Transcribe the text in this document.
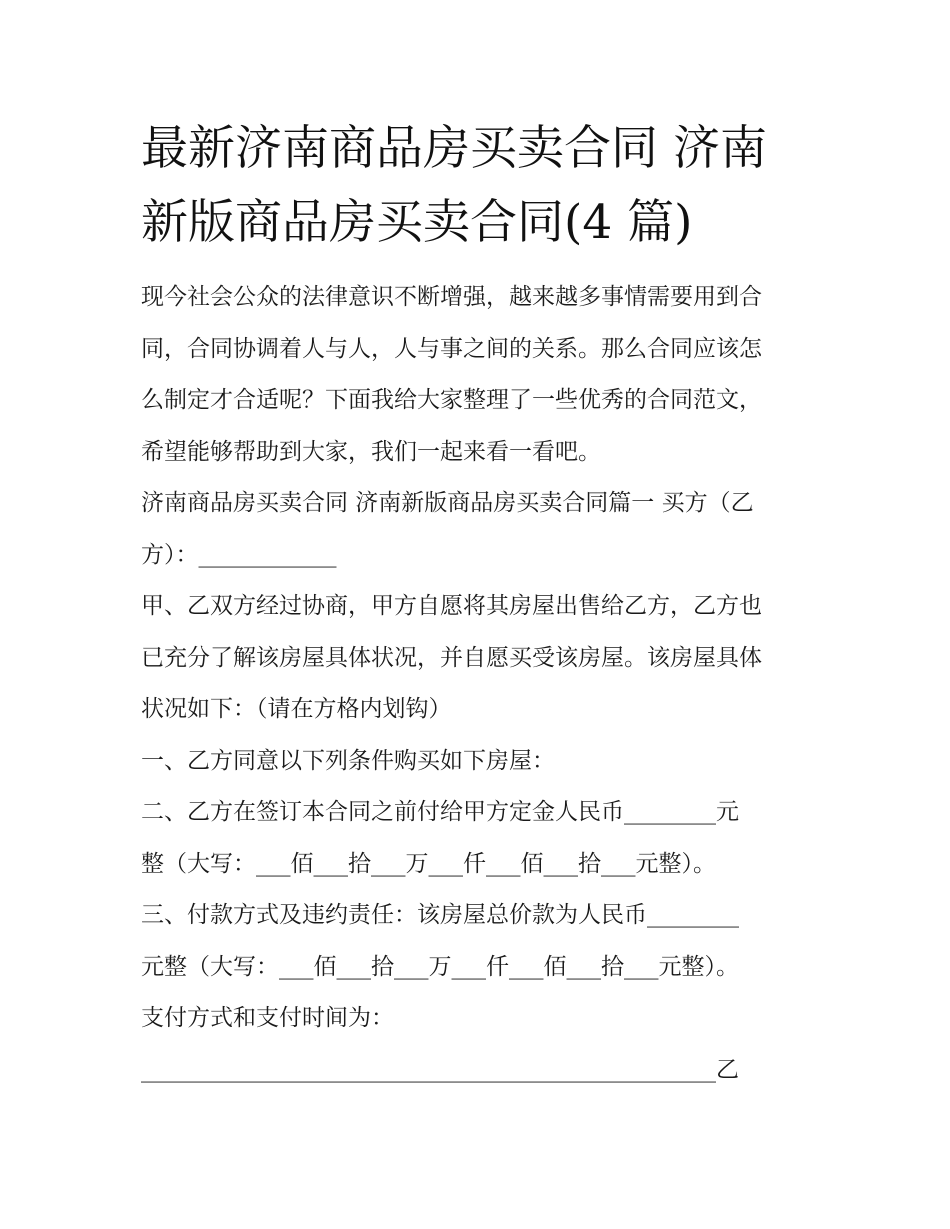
最新济南商品房买卖合同 济南
新版商品房买卖合同(4 篇)
现今社会公众的法律意识不断增强，越来越多事情需要用到合
同，合同协调着人与人，人与事之间的关系。那么合同应该怎
么制定才合适呢？下面我给大家整理了一些优秀的合同范文，
希望能够帮助到大家，我们一起来看一看吧。
济南商品房买卖合同 济南新版商品房买卖合同篇一 买方（乙
方）：____________
甲、乙双方经过协商，甲方自愿将其房屋出售给乙方，乙方也
已充分了解该房屋具体状况，并自愿买受该房屋。该房屋具体
状况如下：（请在方格内划钩）
一、乙方同意以下列条件购买如下房屋：
二、乙方在签订本合同之前付给甲方定金人民币________元
整（大写：___佰___拾___万___仟___佰___拾___元整）。
三、付款方式及违约责任：该房屋总价款为人民币________
元整（大写：___佰___拾___万___仟___佰___拾___元整）。
支付方式和支付时间为：
__________________________________________________乙
